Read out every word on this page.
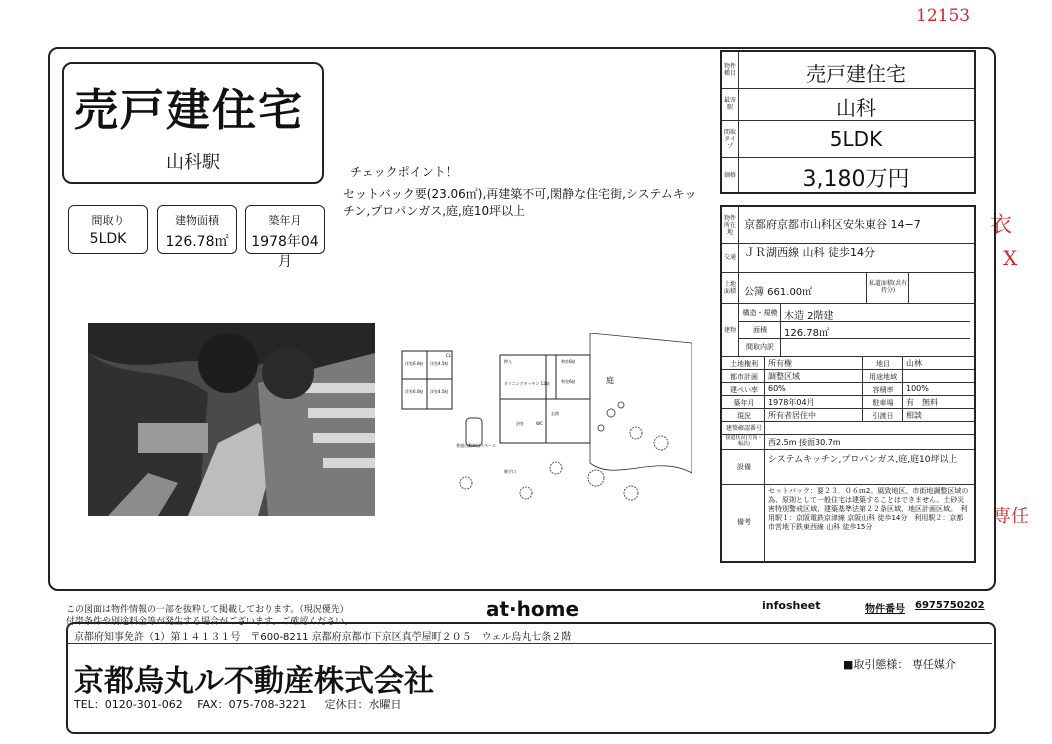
12153
衣
X
専任
売戸建住宅
山科駅
間取り
5LDK
建物面積
126.78㎡
築年月
1978年04月
チェックポイント！
セットバック要(23.06㎡),再建築不可,閑静な住宅街,システムキッチン,プロパンガス,庭,庭10坪以上
洋室6.0帖 洋室4.5帖
洋室6.0帖 洋室4.5帖
CL
和室6帖
和室6帖
ダイニングキッチン 12帖
玄関
浴室	WC
押入
庭
普通自動車用スペース
勝手口
物件種目	売戸建住宅
最寄駅	山科
間取タイプ	5LDK
価格	3,180万円
物件所在地
京都府京都市山科区安朱東谷 14−7
交通 ＪＲ湖西線 山科 徒歩14分
土地面積 公簿 661.00㎡
私道面積(共有持分)
建物
構造・規模 木造 2階建
面積	126.78㎡
間取内訳
土地権利	所有権	地目	山林
都市計画	調整区域	用途地域
建ぺい率	60%	容積率	100%
築年月	1978年04月	駐車場	有　無料
現況	所有者居住中	引渡日	相談
建築確認番号
接道状況(方向・幅員)	西2.5m 接面30.7m
設備
システムキッチン,プロパンガス,庭,庭10坪以上
備考
セットバック：要２３．０６ｍ2。風致地区、市街地調整区域の為、原則として一般住宅は建築することはできません。土砂災害特別警戒区域、建築基準法第２２条区域、地区計画区域。　利用駅１：京阪電鉄京津線 京阪山科 徒歩14分　利用駅２：京都市営地下鉄東西線 山科 徒歩15分
この図面は物件情報の一部を抜粋して掲載しております。（現況優先）
付帯条件や別途料金等が発生する場合がございます。ご確認ください。
at·home	infosheet	物件番号 6975750202
京都府知事免許（1）第１４１３１号　〒600-8211 京都府京都市下京区真苧屋町２０５　ウェル烏丸七条２階
京都烏丸ル不動産株式会社	■取引態様： 専任媒介
TEL：0120-301-062　 FAX：075-708-3221 　 定休日：水曜日
